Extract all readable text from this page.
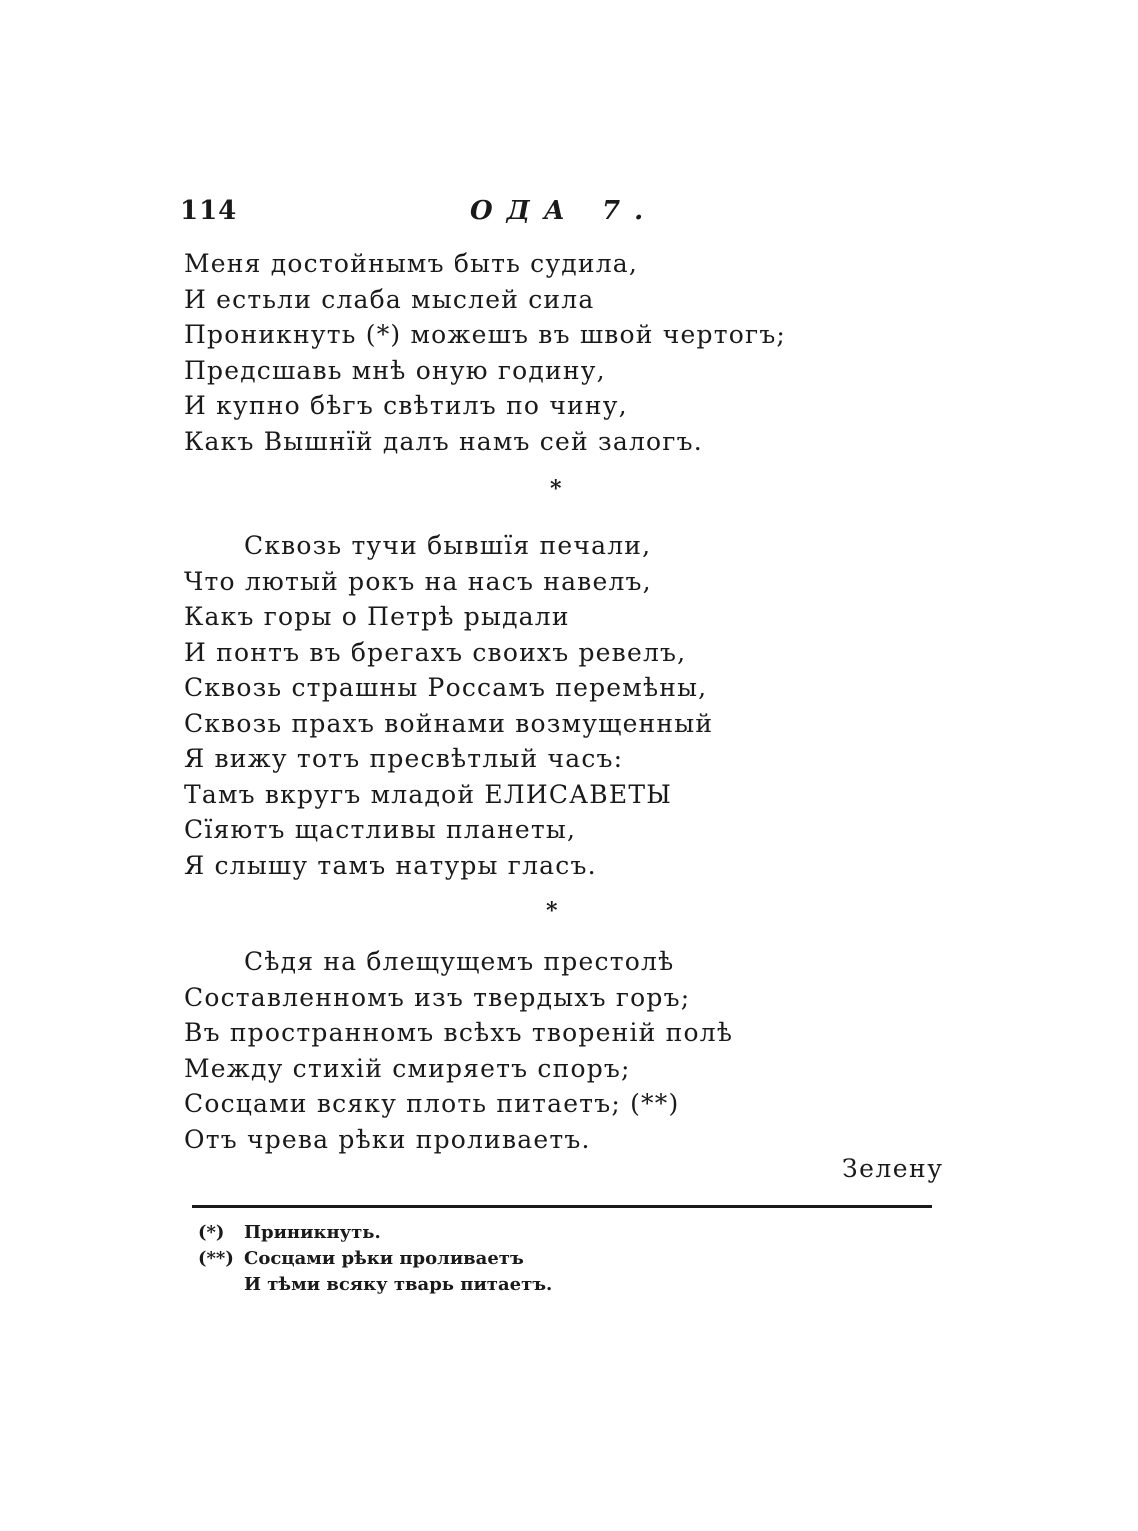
114	ОДА 7.
Меня достойнымъ быть судила,
И естьли слаба мыслей сила
Проникнуть (*) можешъ въ швой чертогъ;
Предсшавь мнѣ оную годину,
И купно бѣгъ свѣтилъ по чину,
Какъ Вышнїй далъ намъ сей залогъ.
*
Сквозь тучи бывшїя печали,
Что лютый рокъ на насъ навелъ,
Какъ горы о Петрѣ рыдали
И понтъ въ брегахъ своихъ ревелъ,
Сквозь страшны Россамъ перемѣны,
Сквозь прахъ войнами возмущенный
Я вижу тотъ пресвѣтлый часъ:
Тамъ вкругъ младой ЕЛИСАВЕТЫ
Сїяютъ щастливы планеты,
Я слышу тамъ натуры гласъ.
*
Сѣдя на блещущемъ престолѣ
Составленномъ изъ твердыхъ горъ;
Въ пространномъ всѣхъ твореній полѣ
Между стихій смиряетъ споръ;
Сосцами всяку плоть питаетъ; (**)
Отъ чрева рѣки проливаетъ.
Зелену
(*) Приникнуть.
(**) Сосцами рѣки проливаетъ
И тѣми всяку тварь питаетъ.
